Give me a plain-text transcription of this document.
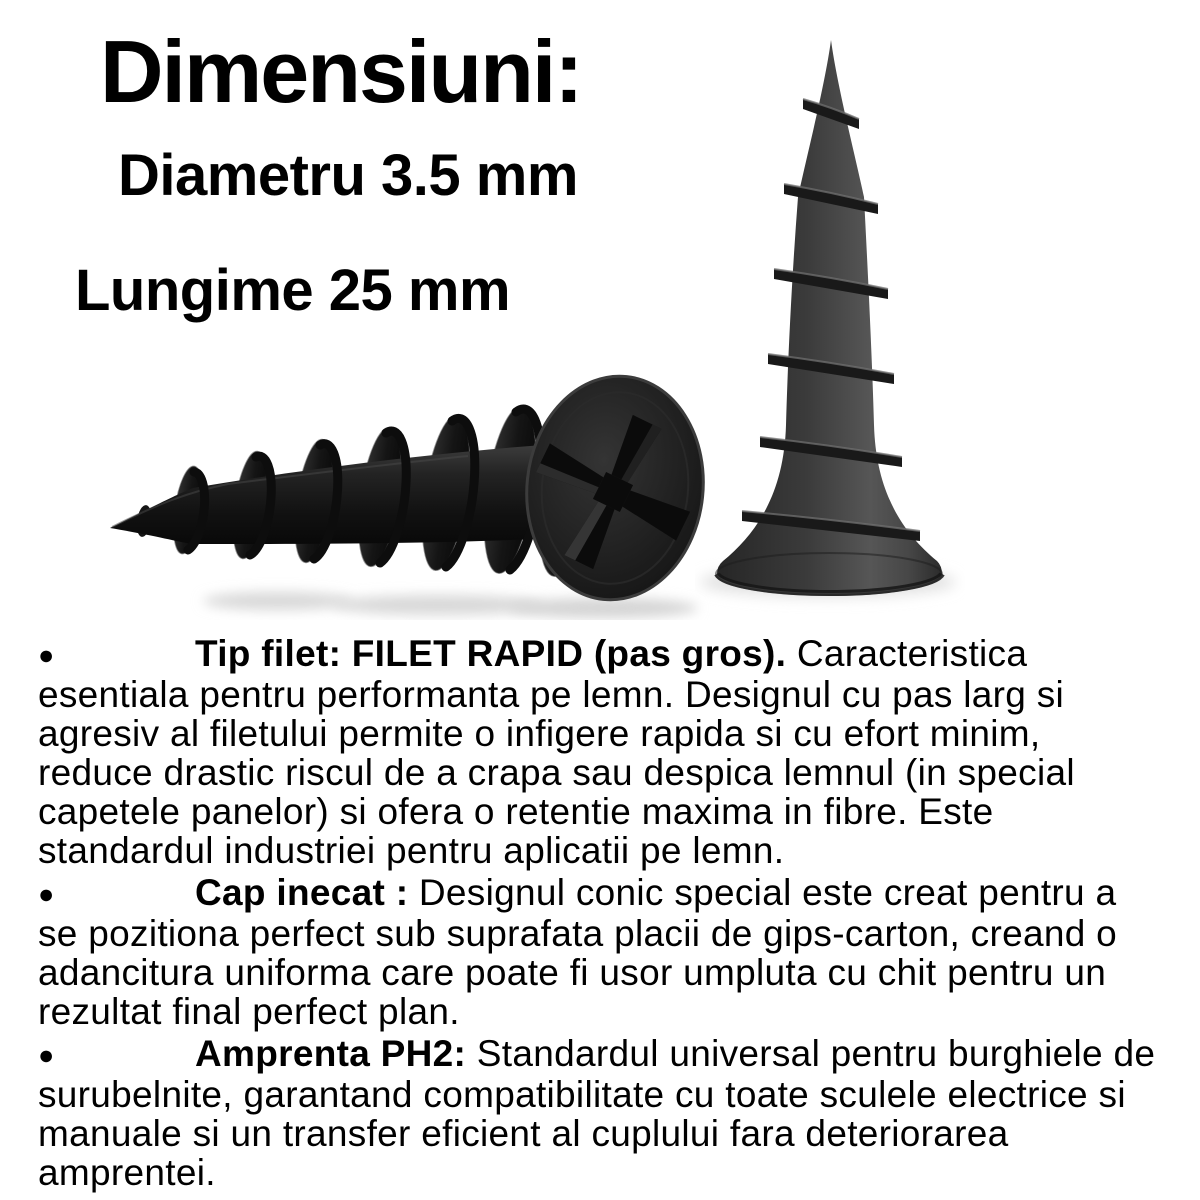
Dimensiuni:
Diametru 3.5 mm
Lungime 25 mm
●	Tip filet: FILET RAPID (pas gros). Caracteristica
esentiala pentru performanta pe lemn. Designul cu pas larg si
agresiv al filetului permite o infigere rapida si cu efort minim,
reduce drastic riscul de a crapa sau despica lemnul (in special
capetele panelor) si ofera o retentie maxima in fibre. Este
standardul industriei pentru aplicatii pe lemn.
●	Cap inecat : Designul conic special este creat pentru a
se pozitiona perfect sub suprafata placii de gips-carton, creand o
adancitura uniforma care poate fi usor umpluta cu chit pentru un
rezultat final perfect plan.
●	Amprenta PH2: Standardul universal pentru burghiele de
surubelnite, garantand compatibilitate cu toate sculele electrice si
manuale si un transfer eficient al cuplului fara deteriorarea
amprentei.
